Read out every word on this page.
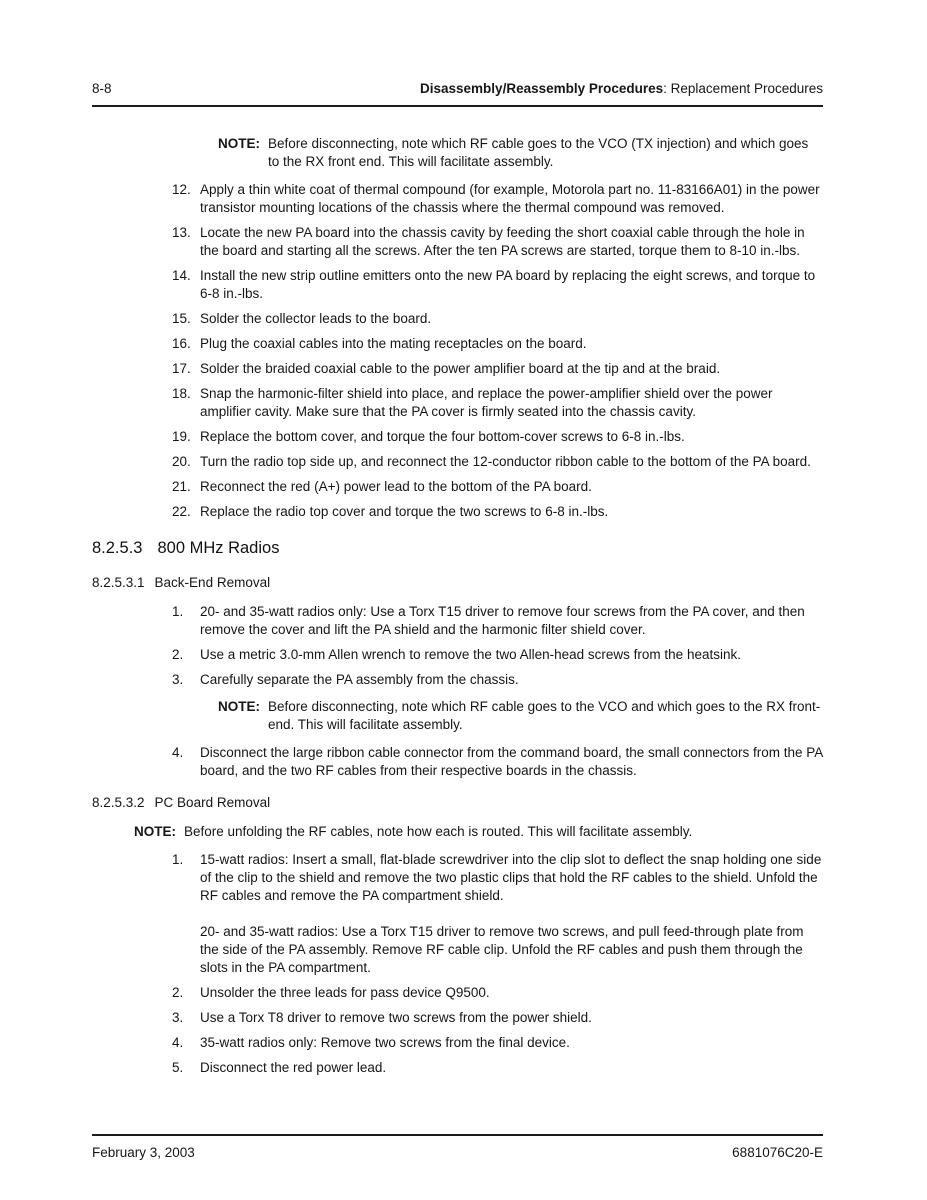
8-8	Disassembly/Reassembly Procedures: Replacement Procedures
NOTE: Before disconnecting, note which RF cable goes to the VCO (TX injection) and which goes to the RX front end. This will facilitate assembly.
12. Apply a thin white coat of thermal compound (for example, Motorola part no. 11-83166A01) in the power transistor mounting locations of the chassis where the thermal compound was removed.
13. Locate the new PA board into the chassis cavity by feeding the short coaxial cable through the hole in the board and starting all the screws. After the ten PA screws are started, torque them to 8-10 in.-lbs.
14. Install the new strip outline emitters onto the new PA board by replacing the eight screws, and torque to 6-8 in.-lbs.
15. Solder the collector leads to the board.
16. Plug the coaxial cables into the mating receptacles on the board.
17. Solder the braided coaxial cable to the power amplifier board at the tip and at the braid.
18. Snap the harmonic-filter shield into place, and replace the power-amplifier shield over the power amplifier cavity. Make sure that the PA cover is firmly seated into the chassis cavity.
19. Replace the bottom cover, and torque the four bottom-cover screws to 6-8 in.-lbs.
20. Turn the radio top side up, and reconnect the 12-conductor ribbon cable to the bottom of the PA board.
21. Reconnect the red (A+) power lead to the bottom of the PA board.
22. Replace the radio top cover and torque the two screws to 6-8 in.-lbs.
8.2.5.3 800 MHz Radios
8.2.5.3.1 Back-End Removal
1.	20- and 35-watt radios only: Use a Torx T15 driver to remove four screws from the PA cover, and then remove the cover and lift the PA shield and the harmonic filter shield cover.
2.	Use a metric 3.0-mm Allen wrench to remove the two Allen-head screws from the heatsink.
3.	Carefully separate the PA assembly from the chassis.
NOTE: Before disconnecting, note which RF cable goes to the VCO and which goes to the RX front-end. This will facilitate assembly.
4.	Disconnect the large ribbon cable connector from the command board, the small connectors from the PA board, and the two RF cables from their respective boards in the chassis.
8.2.5.3.2 PC Board Removal
NOTE: Before unfolding the RF cables, note how each is routed. This will facilitate assembly.
1.	15-watt radios: Insert a small, flat-blade screwdriver into the clip slot to deflect the snap holding one side of the clip to the shield and remove the two plastic clips that hold the RF cables to the shield. Unfold the RF cables and remove the PA compartment shield.
20- and 35-watt radios: Use a Torx T15 driver to remove two screws, and pull feed-through plate from the side of the PA assembly. Remove RF cable clip. Unfold the RF cables and push them through the slots in the PA compartment.
2.	Unsolder the three leads for pass device Q9500.
3.	Use a Torx T8 driver to remove two screws from the power shield.
4.	35-watt radios only: Remove two screws from the final device.
5.	Disconnect the red power lead.
February 3, 2003	6881076C20-E
